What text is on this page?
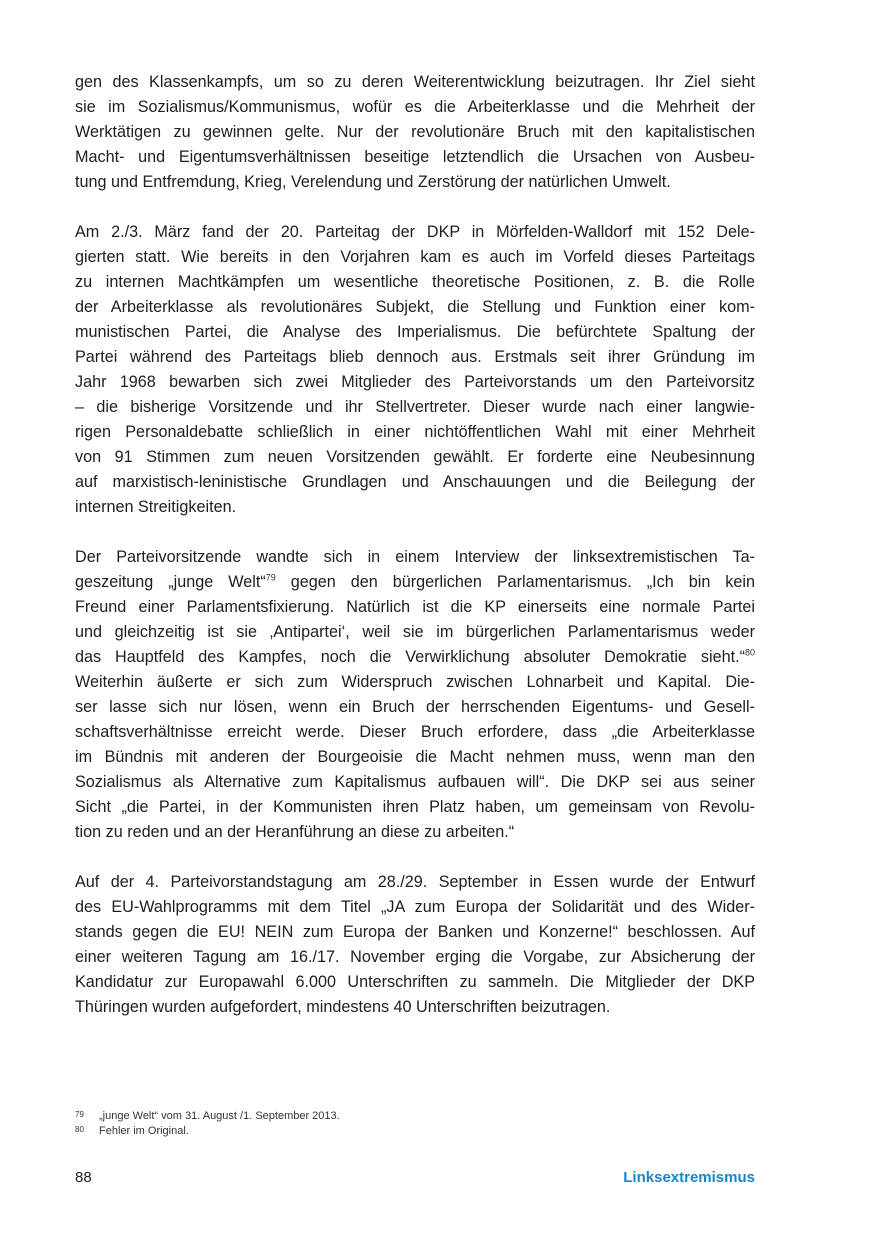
gen des Klassenkampfs, um so zu deren Weiterentwicklung beizutragen. Ihr Ziel sieht
sie im Sozialismus/Kommunismus, wofür es die Arbeiterklasse und die Mehrheit der
Werktätigen zu gewinnen gelte. Nur der revolutionäre Bruch mit den kapitalistischen
Macht- und Eigentumsverhältnissen beseitige letztendlich die Ursachen von Ausbeu-
tung und Entfremdung, Krieg, Verelendung und Zerstörung der natürlichen Umwelt.
Am 2./3. März fand der 20. Parteitag der DKP in Mörfelden-Walldorf mit 152 Dele-
gierten statt. Wie bereits in den Vorjahren kam es auch im Vorfeld dieses Parteitags
zu internen Machtkämpfen um wesentliche theoretische Positionen, z. B. die Rolle
der Arbeiterklasse als revolutionäres Subjekt, die Stellung und Funktion einer kom-
munistischen Partei, die Analyse des Imperialismus. Die befürchtete Spaltung der
Partei während des Parteitags blieb dennoch aus. Erstmals seit ihrer Gründung im
Jahr 1968 bewarben sich zwei Mitglieder des Parteivorstands um den Parteivorsitz
– die bisherige Vorsitzende und ihr Stellvertreter. Dieser wurde nach einer langwie-
rigen Personaldebatte schließlich in einer nichtöffentlichen Wahl mit einer Mehrheit
von 91 Stimmen zum neuen Vorsitzenden gewählt. Er forderte eine Neubesinnung
auf marxistisch-leninistische Grundlagen und Anschauungen und die Beilegung der
internen Streitigkeiten.
Der Parteivorsitzende wandte sich in einem Interview der linksextremistischen Ta-
geszeitung „junge Welt“$^{79}$ gegen den bürgerlichen Parlamentarismus. „Ich bin kein
Freund einer Parlamentsfixierung. Natürlich ist die KP einerseits eine normale Partei
und gleichzeitig ist sie ‚Antipartei‘, weil sie im bürgerlichen Parlamentarismus weder
das Hauptfeld des Kampfes, noch die Verwirklichung absoluter Demokratie sieht.“$^{80}$
Weiterhin äußerte er sich zum Widerspruch zwischen Lohnarbeit und Kapital. Die-
ser lasse sich nur lösen, wenn ein Bruch der herrschenden Eigentums- und Gesell-
schaftsverhältnisse erreicht werde. Dieser Bruch erfordere, dass „die Arbeiterklasse
im Bündnis mit anderen der Bourgeoisie die Macht nehmen muss, wenn man den
Sozialismus als Alternative zum Kapitalismus aufbauen will“. Die DKP sei aus seiner
Sicht „die Partei, in der Kommunisten ihren Platz haben, um gemeinsam von Revolu-
tion zu reden und an der Heranführung an diese zu arbeiten.“
Auf der 4. Parteivorstandstagung am 28./29. September in Essen wurde der Entwurf
des EU-Wahlprogramms mit dem Titel „JA zum Europa der Solidarität und des Wider-
stands gegen die EU! NEIN zum Europa der Banken und Konzerne!“ beschlossen. Auf
einer weiteren Tagung am 16./17. November erging die Vorgabe, zur Absicherung der
Kandidatur zur Europawahl 6.000 Unterschriften zu sammeln. Die Mitglieder der DKP
Thüringen wurden aufgefordert, mindestens 40 Unterschriften beizutragen.
79 „junge Welt“ vom 31. August /1. September 2013.
80 Fehler im Original.
88	Linksextremismus
